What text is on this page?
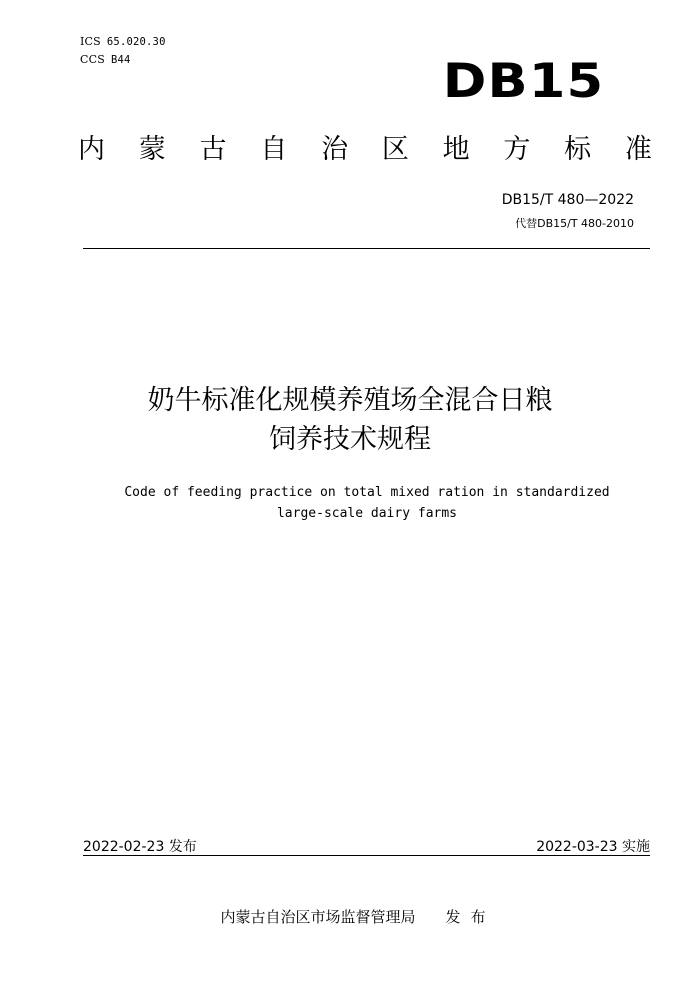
ICS 65.020.30
CCS B44	DB15
内 蒙 古 自 治 区 地 方 标 准
DB15/T 480—2022
代替DB15/T 480-2010
奶牛标准化规模养殖场全混合日粮
饲养技术规程
Code of feeding practice on total mixed ration in standardized
large-scale dairy farms
2022-02-23 发布	2022-03-23 实施
内蒙古自治区市场监督管理局 发布
